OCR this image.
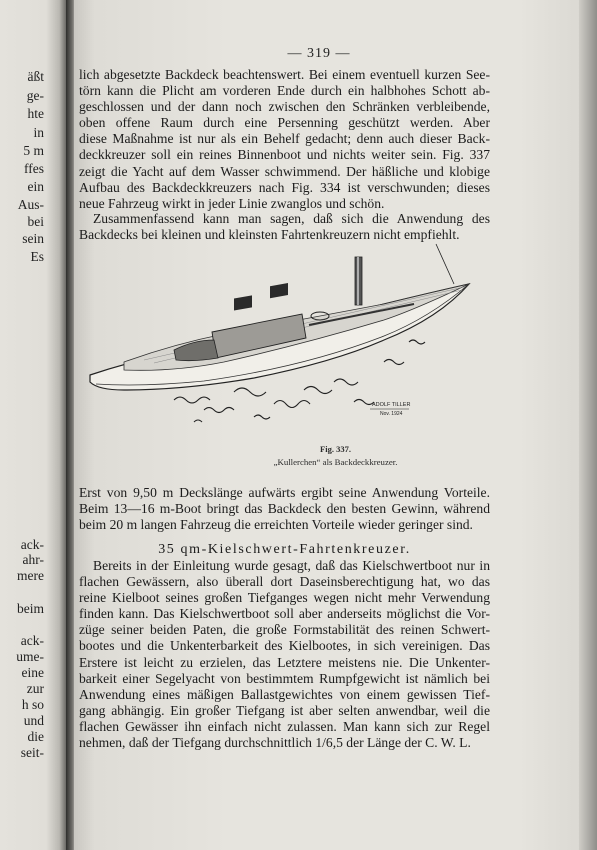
äßt
ge-
hte
in
5 m
ffes
ein
Aus-
bei
sein
Es
ack-
ahr-
mere
beim
ack-
ume-
eine
zur
h so
und
die
seit-
— 319 —
lich abgesetzte Backdeck beachtenswert. Bei einem eventuell kurzen See-
törn kann die Plicht am vorderen Ende durch ein halbhohes Schott ab-
geschlossen und der dann noch zwischen den Schränken verbleibende,
oben offene Raum durch eine Persenning geschützt werden. Aber
diese Maßnahme ist nur als ein Behelf gedacht; denn auch dieser Back-
deckkreuzer soll ein reines Binnenboot und nichts weiter sein. Fig. 337
zeigt die Yacht auf dem Wasser schwimmend. Der häßliche und klobige
Aufbau des Backdeckkreuzers nach Fig. 334 ist verschwunden; dieses
neue Fahrzeug wirkt in jeder Linie zwanglos und schön.
Zusammenfassend kann man sagen, daß sich die Anwendung des
Backdecks bei kleinen und kleinsten Fahrtenkreuzern nicht empfiehlt.
ADOLF TILLER
Nov. 1924
Fig. 337.
„Kullerchen“ als Backdeckkreuzer.
Erst von 9,50 m Deckslänge aufwärts ergibt seine Anwendung Vorteile.
Beim 13—16 m-Boot bringt das Backdeck den besten Gewinn, während
beim 20 m langen Fahrzeug die erreichten Vorteile wieder geringer sind.
35 qm-Kielschwert-Fahrtenkreuzer.
Bereits in der Einleitung wurde gesagt, daß das Kielschwertboot nur in
flachen Gewässern, also überall dort Daseinsberechtigung hat, wo das
reine Kielboot seines großen Tiefganges wegen nicht mehr Verwendung
finden kann. Das Kielschwertboot soll aber anderseits möglichst die Vor-
züge seiner beiden Paten, die große Formstabilität des reinen Schwert-
bootes und die Unkenterbarkeit des Kielbootes, in sich vereinigen. Das
Erstere ist leicht zu erzielen, das Letztere meistens nie. Die Unkenter-
barkeit einer Segelyacht von bestimmtem Rumpfgewicht ist nämlich bei
Anwendung eines mäßigen Ballastgewichtes von einem gewissen Tief-
gang abhängig. Ein großer Tiefgang ist aber selten anwendbar, weil die
flachen Gewässer ihn einfach nicht zulassen. Man kann sich zur Regel
nehmen, daß der Tiefgang durchschnittlich 1/6,5 der Länge der C. W. L.
